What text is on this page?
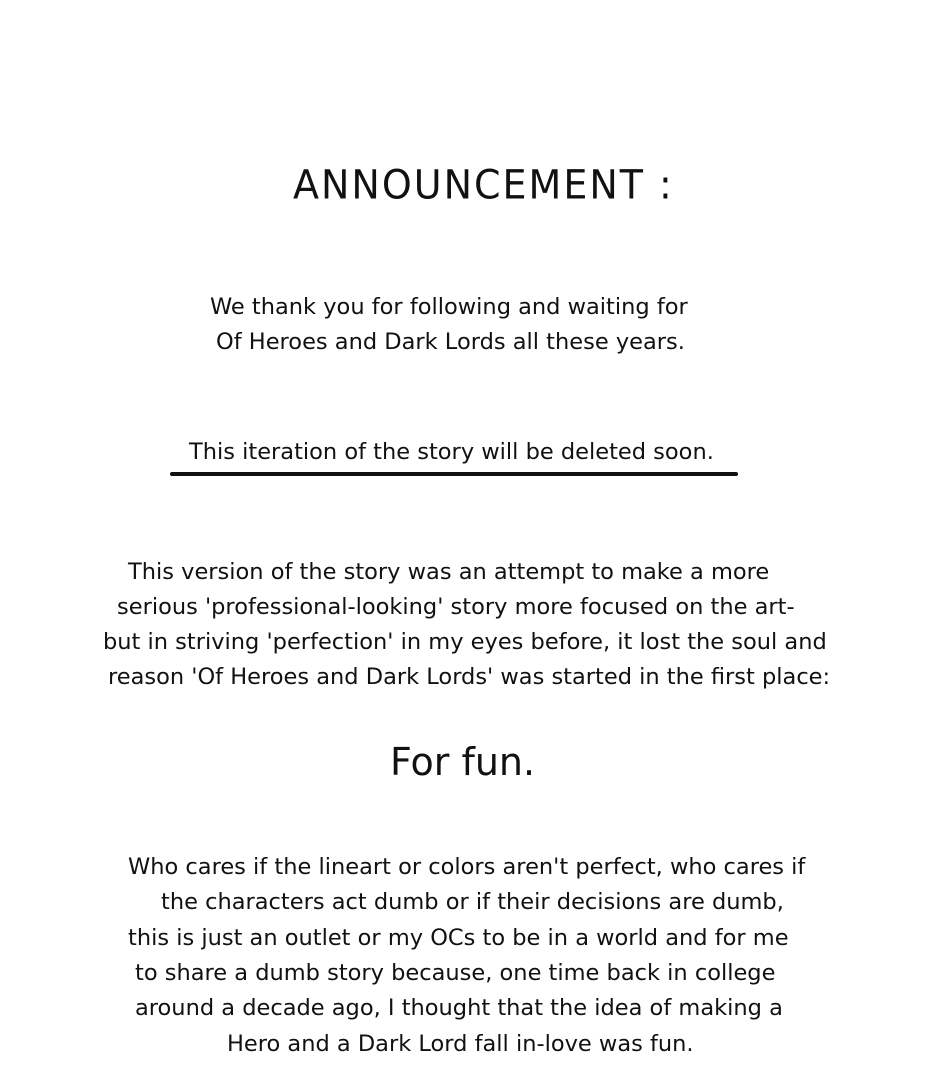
ANNOUNCEMENT :
We thank you for following and waiting for
Of Heroes and Dark Lords all these years.
This iteration of the story will be deleted soon.
This version of the story was an attempt to make a more
serious 'professional-looking' story more focused on the art-
but in striving 'perfection' in my eyes before, it lost the soul and
reason 'Of Heroes and Dark Lords' was started in the first place:
For fun.
Who cares if the lineart or colors aren't perfect, who cares if
the characters act dumb or if their decisions are dumb,
this is just an outlet or my OCs to be in a world and for me
to share a dumb story because, one time back in college
around a decade ago, I thought that the idea of making a
Hero and a Dark Lord fall in-love was fun.
